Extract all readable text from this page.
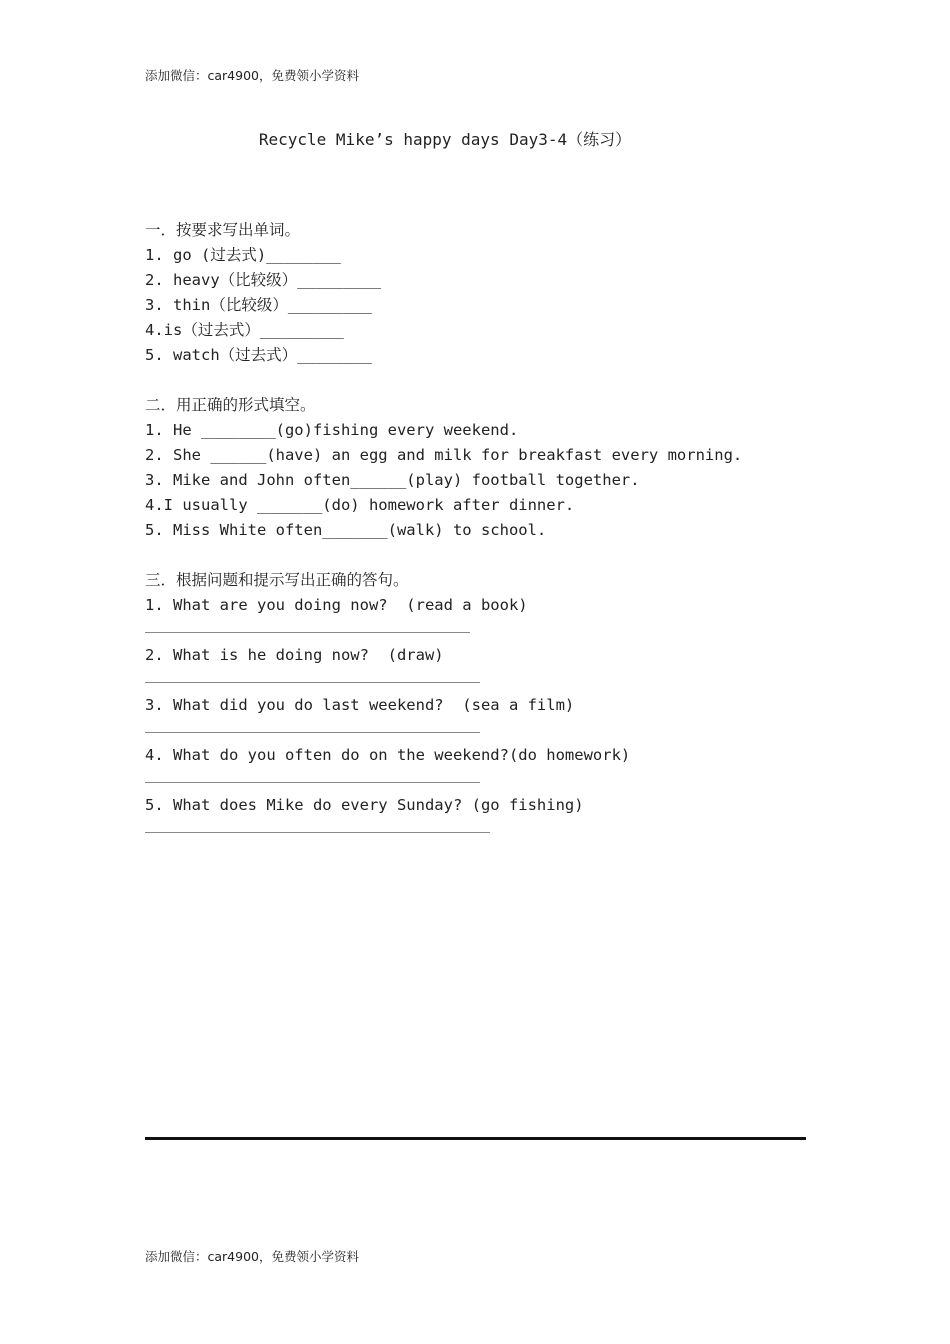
添加微信：car4900，免费领小学资料
Recycle Mike’s happy days Day3-4（练习）
一．按要求写出单词。
1. go (过去式)________
2. heavy（比较级）_________
3. thin（比较级）_________
4.is（过去式）_________
5. watch（过去式）________
二．用正确的形式填空。
1. He ________(go)fishing every weekend.
2. She ______(have) an egg and milk for breakfast every morning.
3. Mike and John often______(play) football together.
4.I usually _______(do) homework after dinner.
5. Miss White often_______(walk) to school.
三．根据问题和提示写出正确的答句。
1. What are you doing now?  (read a book)
2. What is he doing now?  (draw)
3. What did you do last weekend?  (sea a film)
4. What do you often do on the weekend?(do homework)
5. What does Mike do every Sunday? (go fishing)
添加微信：car4900，免费领小学资料
